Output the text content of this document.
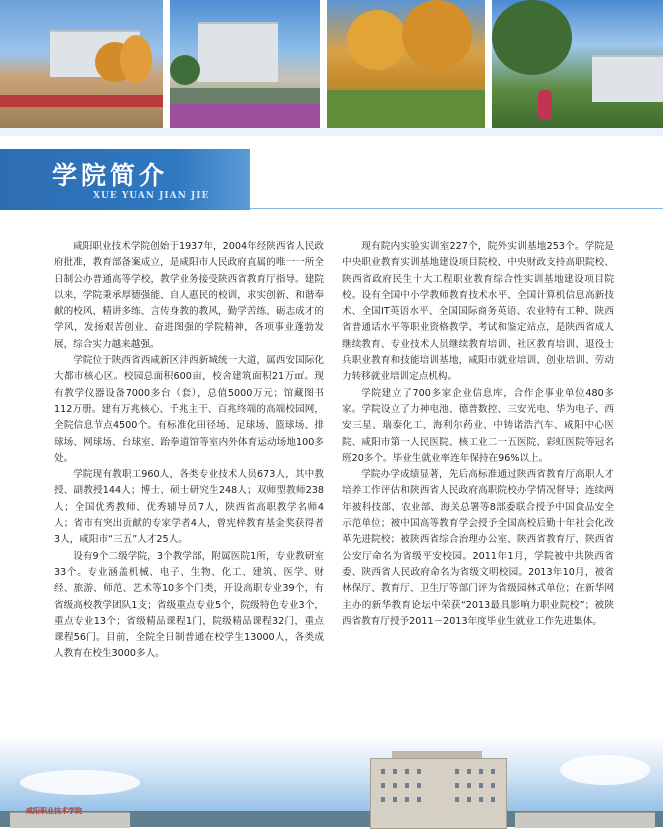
学院简介
XUE YUAN JIAN JIE

咸阳职业技术学院创始于1937年，2004年经陕西省人民政府批准，教育部备案成立，是咸阳市人民政府直属的唯一一所全日制公办普通高等学校，教学业务接受陕西省教育厅指导。建院以来，学院秉承厚德强能、自人惠民的校训，求实创新、和谐奉献的校风，精讲多练、言传身教的教风，勤学苦练、砺志成才的学风，发扬艰苦创业、奋进图强的学院精神，各项事业蓬勃发展，综合实力越来越强。

学院位于陕西省西咸新区沣西新城统一大道，属西安国际化大都市核心区。校园总面积600亩，校舍建筑面积21万㎡。现有教学仪器设备7000多台（套），总值5000万元；馆藏图书112万册。建有万兆核心、千兆主干、百兆终端的高端校园网，全院信息节点4500个。有标准化田径场、足球场、篮球场、排球场、网球场、台球室、跆拳道馆等室内外体育运动场地100多处。

学院现有教职工960人，各类专业技术人员673人，其中教授、副教授144人；博士、硕士研究生248人；双师型教师238人；全国优秀教师、优秀辅导员7人，陕西省高职教学名师4人；省市有突出贡献的专家学者4人，曾宪梓教育基金奖获得者3人，咸阳市“三五”人才25人。

设有9个二级学院，3个教学部，附属医院1所，专业教研室33个。专业涵盖机械、电子、生物、化工、建筑、医学、财经、旅游、师范、艺术等10多个门类，开设高职专业39个，有省级高校教学团队1支；省级重点专业5个，院级特色专业3个，重点专业13个；省级精品课程1门，院级精品课程32门，重点课程56门。目前，全院全日制普通在校学生13000人，各类成人教育在校生3000多人。

现有院内实验实训室227个，院外实训基地253个。学院是中央职业教育实训基地建设项目院校、中央财政支持高职院校、陕西省政府民生十大工程职业教育综合性实训基地建设项目院校。设有全国中小学教师教育技术水平、全国计算机信息高新技术、全国IT英语水平、全国国际商务英语、农业特有工种、陕西省普通话水平等职业资格教学、考试和鉴定站点，是陕西省成人继续教育、专业技术人员继续教育培训、社区教育培训、退役士兵职业教育和技能培训基地，咸阳市就业培训、创业培训、劳动力转移就业培训定点机构。

学院建立了700多家企业信息库，合作企事业单位480多家。学院设立了力神电池、德普数控、三安光电、华为电子、西安三星、瑞泰化工、海利尔药业、中铸诺浩汽车、咸阳中心医院、咸阳市第一人民医院、核工业二一五医院、彩虹医院等冠名班20多个。毕业生就业率连年保持在96%以上。

学院办学成绩显著，先后高标准通过陕西省教育厅高职人才培养工作评估和陕西省人民政府高职院校办学情况督导；连续两年被科技部、农业部、海关总署等8部委联合授予中国食品安全示范单位；被中国高等教育学会授予全国高校后勤十年社会化改革先进院校；被陕西省综合治理办公室、陕西省教育厅、陕西省公安厅命名为省级平安校园。2011年1月，学院被中共陕西省委、陕西省人民政府命名为省级文明校园。2013年10月，被省林保厅、教育厅、卫生厅等部门评为省级园林式单位；在新华网主办的新华教育论坛中荣获“2013最具影响力职业院校”；被陕西省教育厅授予2011－2013年度毕业生就业工作先进集体。

咸阳职业技术学院
